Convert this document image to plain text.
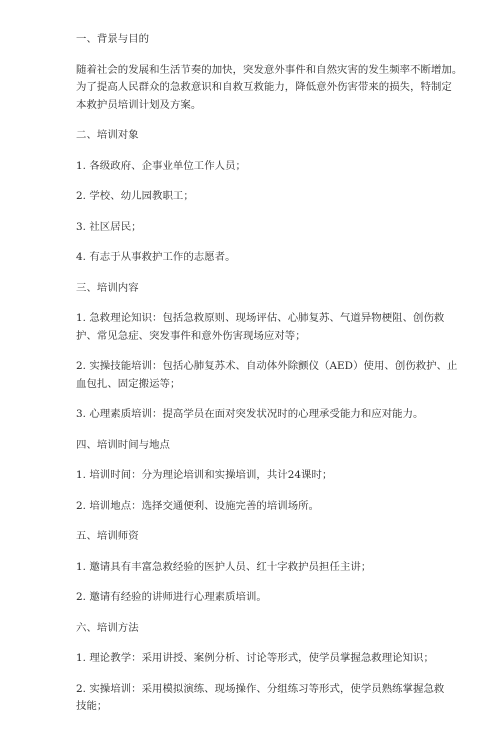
一、背景与目的
随着社会的发展和生活节奏的加快，突发意外事件和自然灾害的发生频率不断增加。
为了提高人民群众的急救意识和自救互救能力，降低意外伤害带来的损失，特制定
本救护员培训计划及方案。
二、培训对象
1. 各级政府、企事业单位工作人员；
2. 学校、幼儿园教职工；
3. 社区居民；
4. 有志于从事救护工作的志愿者。
三、培训内容
1. 急救理论知识：包括急救原则、现场评估、心肺复苏、气道异物梗阻、创伤救
护、常见急症、突发事件和意外伤害现场应对等；
2. 实操技能培训：包括心肺复苏术、自动体外除颤仪（AED）使用、创伤救护、止
血包扎、固定搬运等；
3. 心理素质培训：提高学员在面对突发状况时的心理承受能力和应对能力。
四、培训时间与地点
1. 培训时间：分为理论培训和实操培训，共计24课时；
2. 培训地点：选择交通便利、设施完善的培训场所。
五、培训师资
1. 邀请具有丰富急救经验的医护人员、红十字救护员担任主讲；
2. 邀请有经验的讲师进行心理素质培训。
六、培训方法
1. 理论教学：采用讲授、案例分析、讨论等形式，使学员掌握急救理论知识；
2. 实操培训：采用模拟演练、现场操作、分组练习等形式，使学员熟练掌握急救
技能；
